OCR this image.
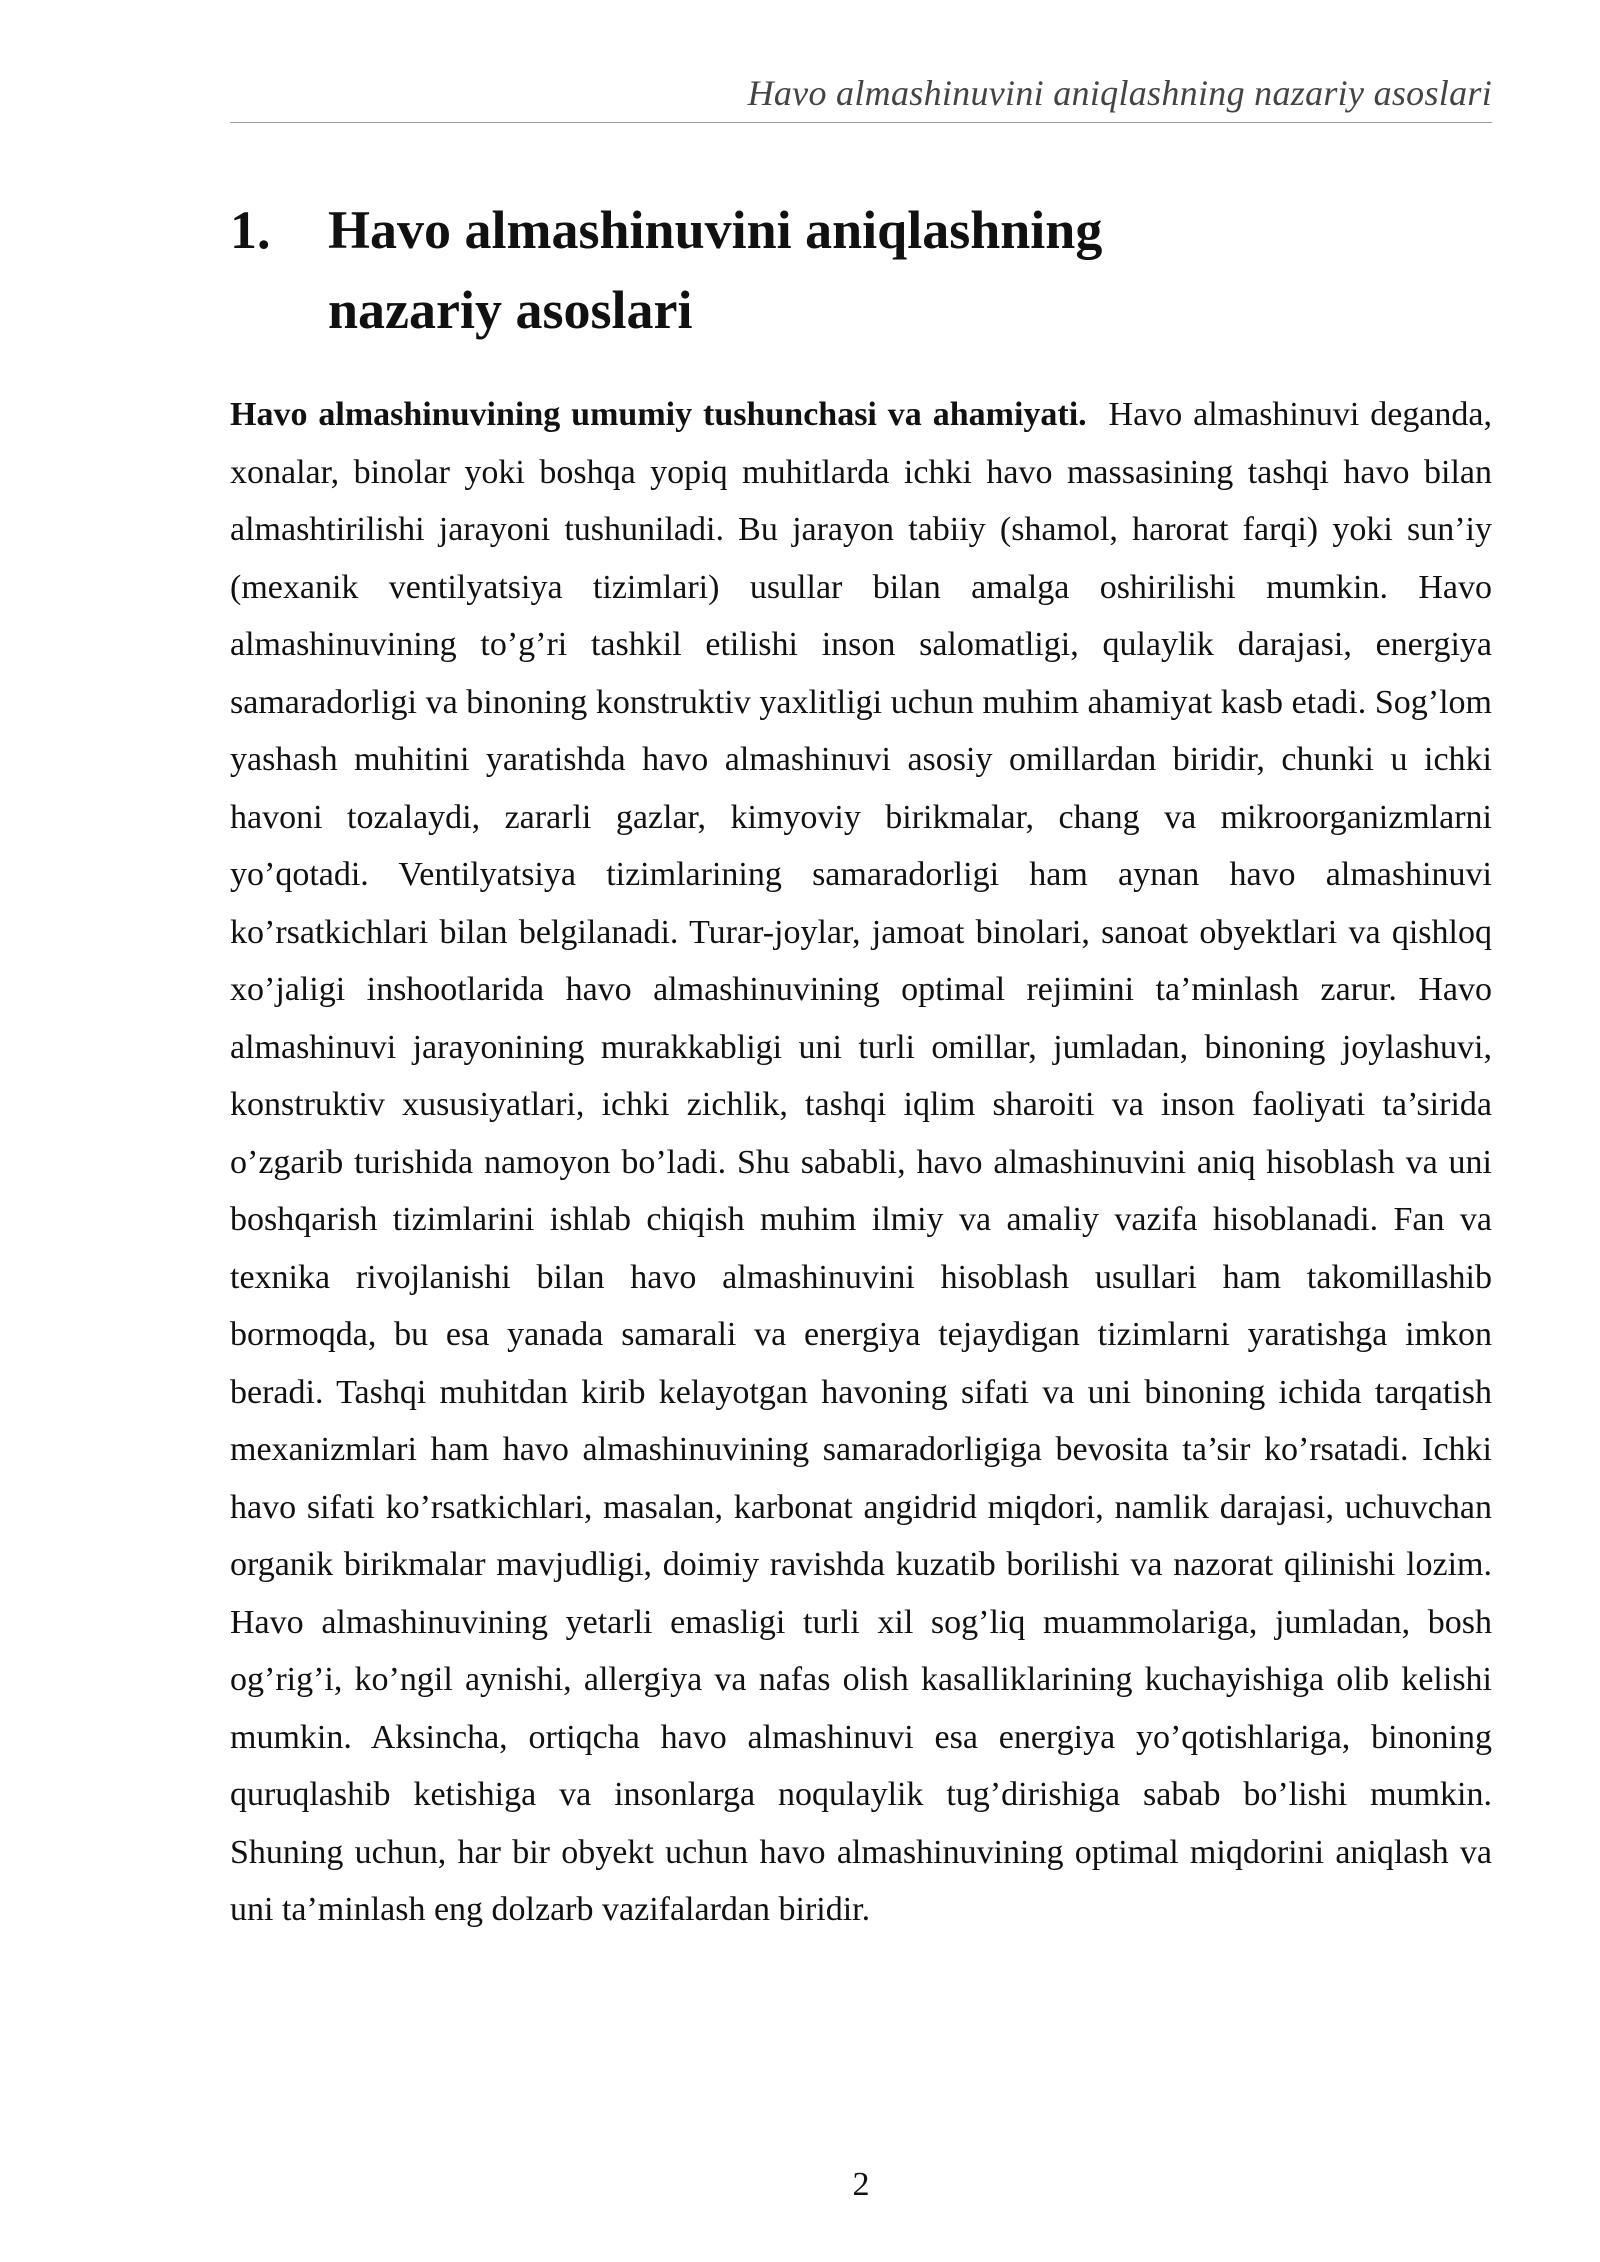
Havo almashinuvini aniqlashning nazariy asoslari
1.	Havo almashinuvini aniqlashning nazariy asoslari

Havo almashinuvining umumiy tushunchasi va ahamiyati. Havo almashinuvi deganda, xonalar, binolar yoki boshqa yopiq muhitlarda ichki havo massasining tashqi havo bilan almashtirilishi jarayoni tushuniladi. Bu jarayon tabiiy (shamol, harorat farqi) yoki sun’iy (mexanik ventilyatsiya tizimlari) usullar bilan amalga oshirilishi mumkin. Havo almashinuvining to’g’ri tashkil etilishi inson salomatligi, qulaylik darajasi, energiya samaradorligi va binoning konstruktiv yaxlitligi uchun muhim ahamiyat kasb etadi. Sog’lom yashash muhitini yaratishda havo almashinuvi asosiy omillardan biridir, chunki u ichki havoni tozalaydi, zararli gazlar, kimyoviy birikmalar, chang va mikroorganizmlarni yo’qotadi. Ventilyatsiya tizimlarining samaradorligi ham aynan havo almashinuvi ko’rsatkichlari bilan belgilanadi. Turar-joylar, jamoat binolari, sanoat obyektlari va qishloq xo’jaligi inshootlarida havo almashinuvining optimal rejimini ta’minlash zarur. Havo almashinuvi jarayonining murakkabligi uni turli omillar, jumladan, binoning joylashuvi, konstruktiv xususiyatlari, ichki zichlik, tashqi iqlim sharoiti va inson faoliyati ta’sirida o’zgarib turishida namoyon bo’ladi. Shu sababli, havo almashinuvini aniq hisoblash va uni boshqarish tizimlarini ishlab chiqish muhim ilmiy va amaliy vazifa hisoblanadi. Fan va texnika rivojlanishi bilan havo almashinuvini hisoblash usullari ham takomillashib bormoqda, bu esa yanada samarali va energiya tejaydigan tizimlarni yaratishga imkon beradi. Tashqi muhitdan kirib kelayotgan havoning sifati va uni binoning ichida tarqatish mexanizmlari ham havo almashinuvining samaradorligiga bevosita ta’sir ko’rsatadi. Ichki havo sifati ko’rsatkichlari, masalan, karbonat angidrid miqdori, namlik darajasi, uchuvchan organik birikmalar mavjudligi, doimiy ravishda kuzatib borilishi va nazorat qilinishi lozim. Havo almashinuvining yetarli emasligi turli xil sog’liq muammolariga, jumladan, bosh og’rig’i, ko’ngil aynishi, allergiya va nafas olish kasalliklarining kuchayishiga olib kelishi mumkin. Aksincha, ortiqcha havo almashinuvi esa energiya yo’qotishlariga, binoning quruqlashib ketishiga va insonlarga noqulaylik tug’dirishiga sabab bo’lishi mumkin. Shuning uchun, har bir obyekt uchun havo almashinuvining optimal miqdorini aniqlash va uni ta’minlash eng dolzarb vazifalardan biridir.

2
